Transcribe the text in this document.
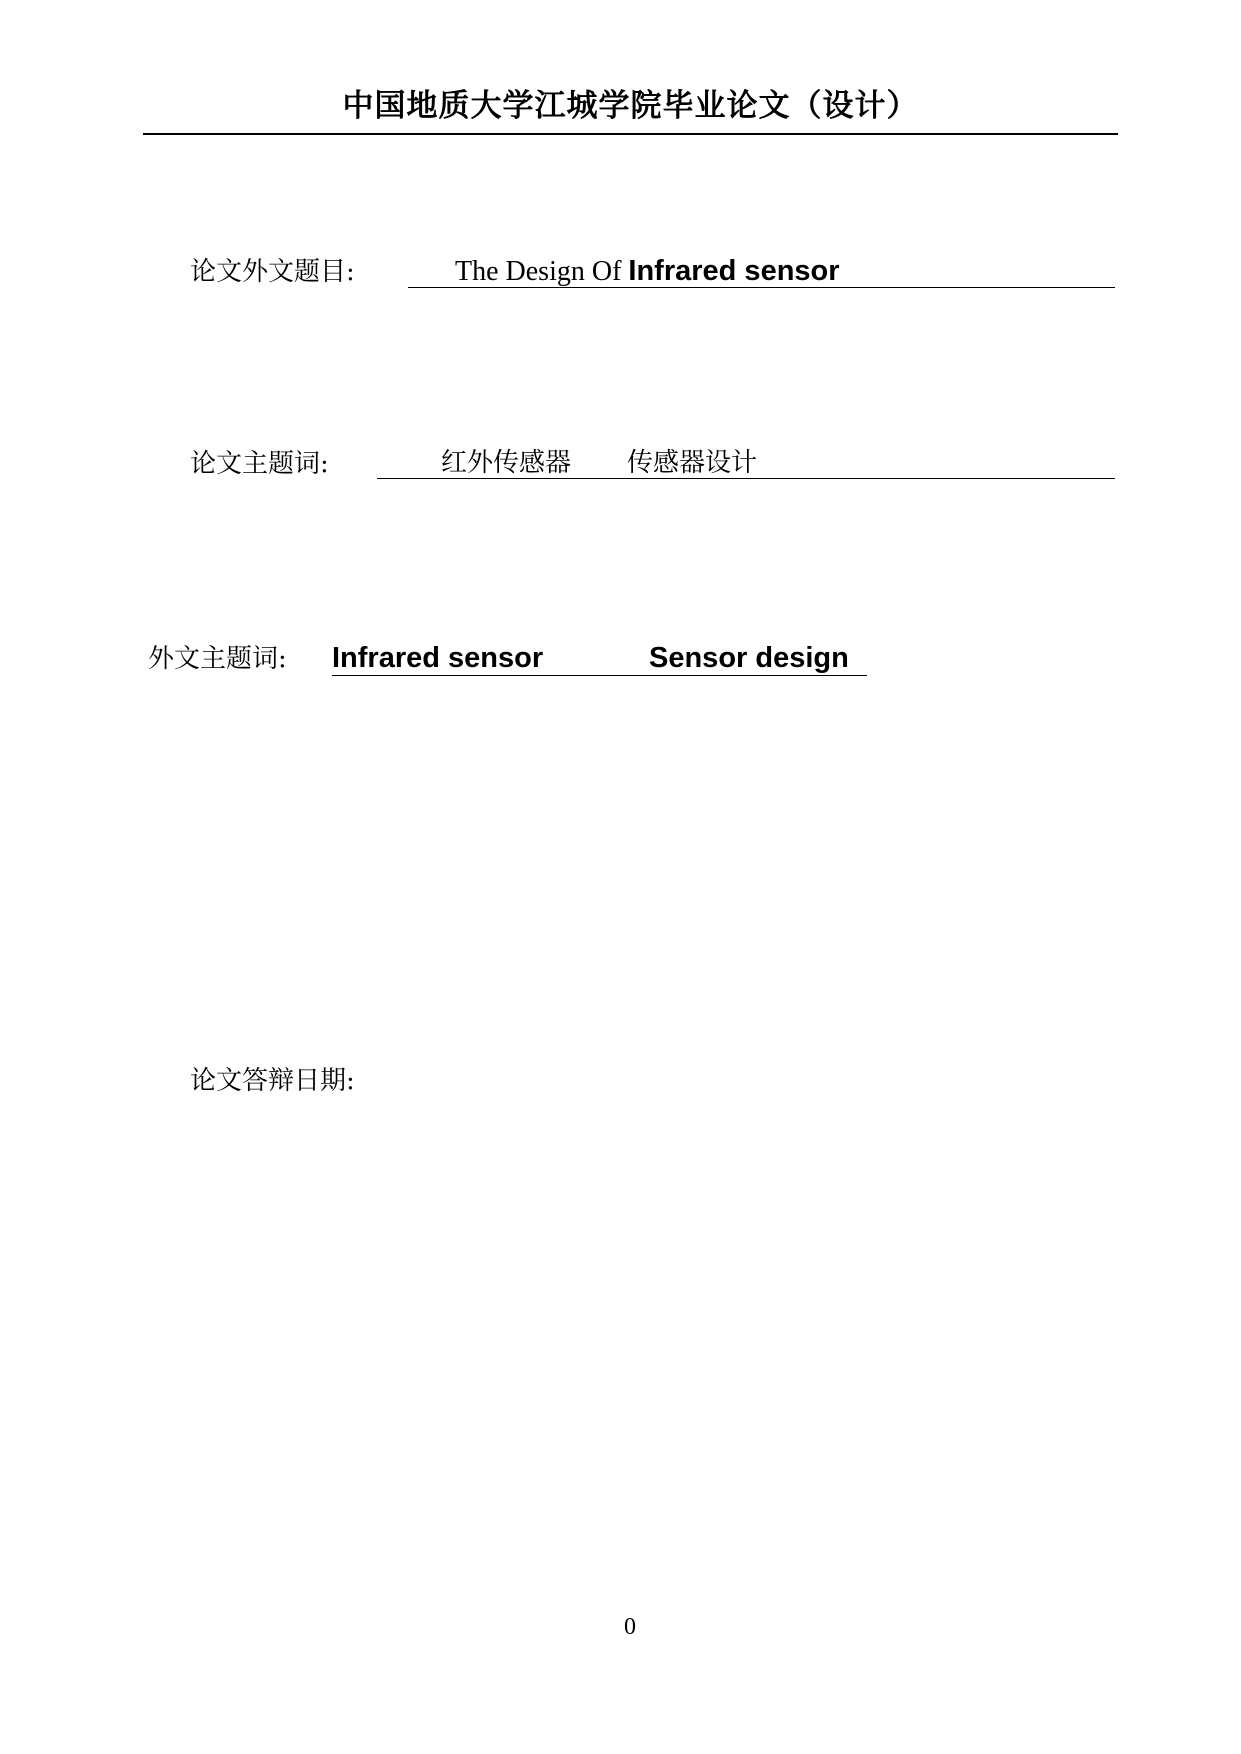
中国地质大学江城学院毕业论文（设计）
论文外文题目:	The Design Of Infrared sensor
论文主题词:	红外传感器 传感器设计
外文主题词: Infrared sensor	Sensor design
论文答辩日期:
0
